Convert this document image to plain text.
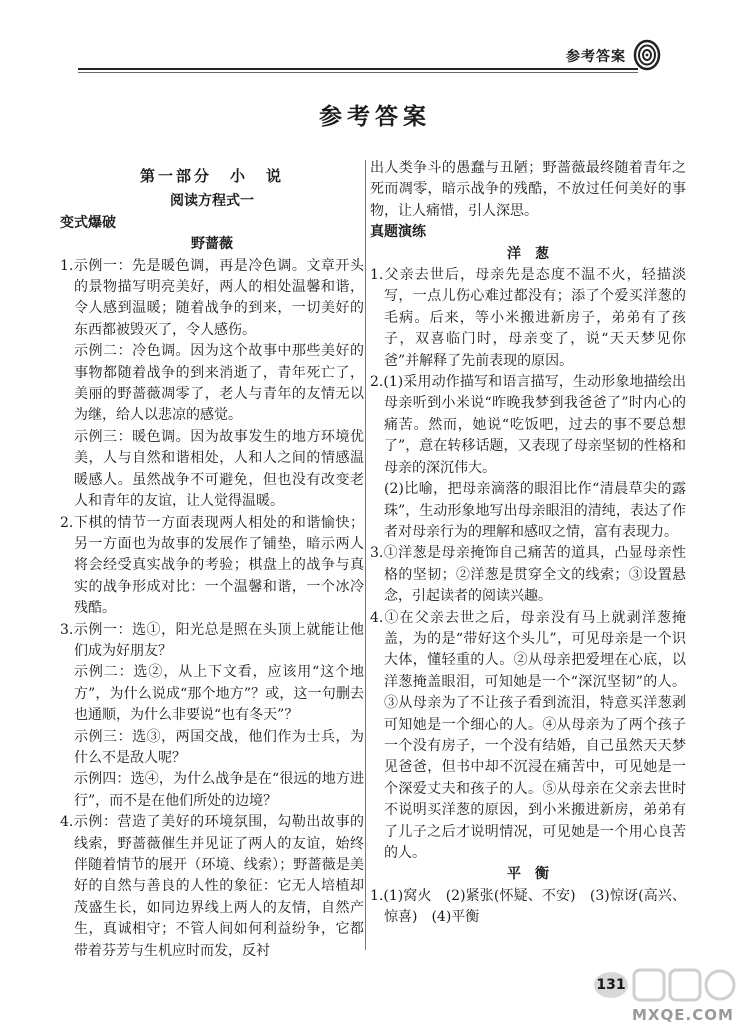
参考答案
参考答案
第一部分　小　说
阅读方程式一
变式爆破
野蔷薇

1.示例一：先是暖色调，再是冷色调。文章开头的景物描写明亮美好，两人的相处温馨和谐，令人感到温暖；随着战争的到来，一切美好的东西都被毁灭了，令人感伤。

示例二：冷色调。因为这个故事中那些美好的事物都随着战争的到来消逝了，青年死亡了，美丽的野蔷薇凋零了，老人与青年的友情无以为继，给人以悲凉的感觉。

示例三：暖色调。因为故事发生的地方环境优美，人与自然和谐相处，人和人之间的情感温暖感人。虽然战争不可避免，但也没有改变老人和青年的友谊，让人觉得温暖。

2.下棋的情节一方面表现两人相处的和谐愉快；另一方面也为故事的发展作了铺垫，暗示两人将会经受真实战争的考验；棋盘上的战争与真实的战争形成对比：一个温馨和谐，一个冰冷残酷。

3.示例一：选①，阳光总是照在头顶上就能让他们成为好朋友？

示例二：选②，从上下文看，应该用“这个地方”，为什么说成“那个地方”？或，这一句删去也通顺，为什么非要说“也有冬天”？

示例三：选③，两国交战，他们作为士兵，为什么不是敌人呢？

示例四：选④，为什么战争是在“很远的地方进行”，而不是在他们所处的边境？

4.示例：营造了美好的环境氛围，勾勒出故事的线索，野蔷薇催生并见证了两人的友谊，始终伴随着情节的展开（环境、线索）；野蔷薇是美好的自然与善良的人性的象征：它无人培植却茂盛生长，如同边界线上两人的友情，自然产生，真诚相守；不管人间如何利益纷争，它都带着芬芳与生机应时而发，反衬

出人类争斗的愚蠢与丑陋；野蔷薇最终随着青年之死而凋零，暗示战争的残酷，不放过任何美好的事物，让人痛惜，引人深思。

真题演练
洋　葱

1.父亲去世后，母亲先是态度不温不火，轻描淡写，一点儿伤心难过都没有；添了个爱买洋葱的毛病。后来，等小米搬进新房子，弟弟有了孩子，双喜临门时，母亲变了，说“天天梦见你爸”并解释了先前表现的原因。

2.(1)采用动作描写和语言描写，生动形象地描绘出母亲听到小米说“昨晚我梦到我爸爸了”时内心的痛苦。然而，她说“吃饭吧，过去的事不要总想了”，意在转移话题，又表现了母亲坚韧的性格和母亲的深沉伟大。

(2)比喻，把母亲滴落的眼泪比作“清晨草尖的露珠”，生动形象地写出母亲眼泪的清纯，表达了作者对母亲行为的理解和感叹之情，富有表现力。

3.①洋葱是母亲掩饰自己痛苦的道具，凸显母亲性格的坚韧；②洋葱是贯穿全文的线索；③设置悬念，引起读者的阅读兴趣。

4.①在父亲去世之后，母亲没有马上就剥洋葱掩盖，为的是“带好这个头儿”，可见母亲是一个识大体，懂轻重的人。②从母亲把爱埋在心底，以洋葱掩盖眼泪，可知她是一个“深沉坚韧”的人。③从母亲为了不让孩子看到流泪，特意买洋葱剥可知她是一个细心的人。④从母亲为了两个孩子一个没有房子，一个没有结婚，自己虽然天天梦见爸爸，但书中却不沉浸在痛苦中，可见她是一个深爱丈夫和孩子的人。⑤从母亲在父亲去世时不说明买洋葱的原因，到小米搬进新房，弟弟有了儿子之后才说明情况，可见她是一个用心良苦的人。

平　衡

1.(1)窝火　(2)紧张(怀疑、不安)　(3)惊讶(高兴、惊喜)　(4)平衡

131
MXQE.COM
